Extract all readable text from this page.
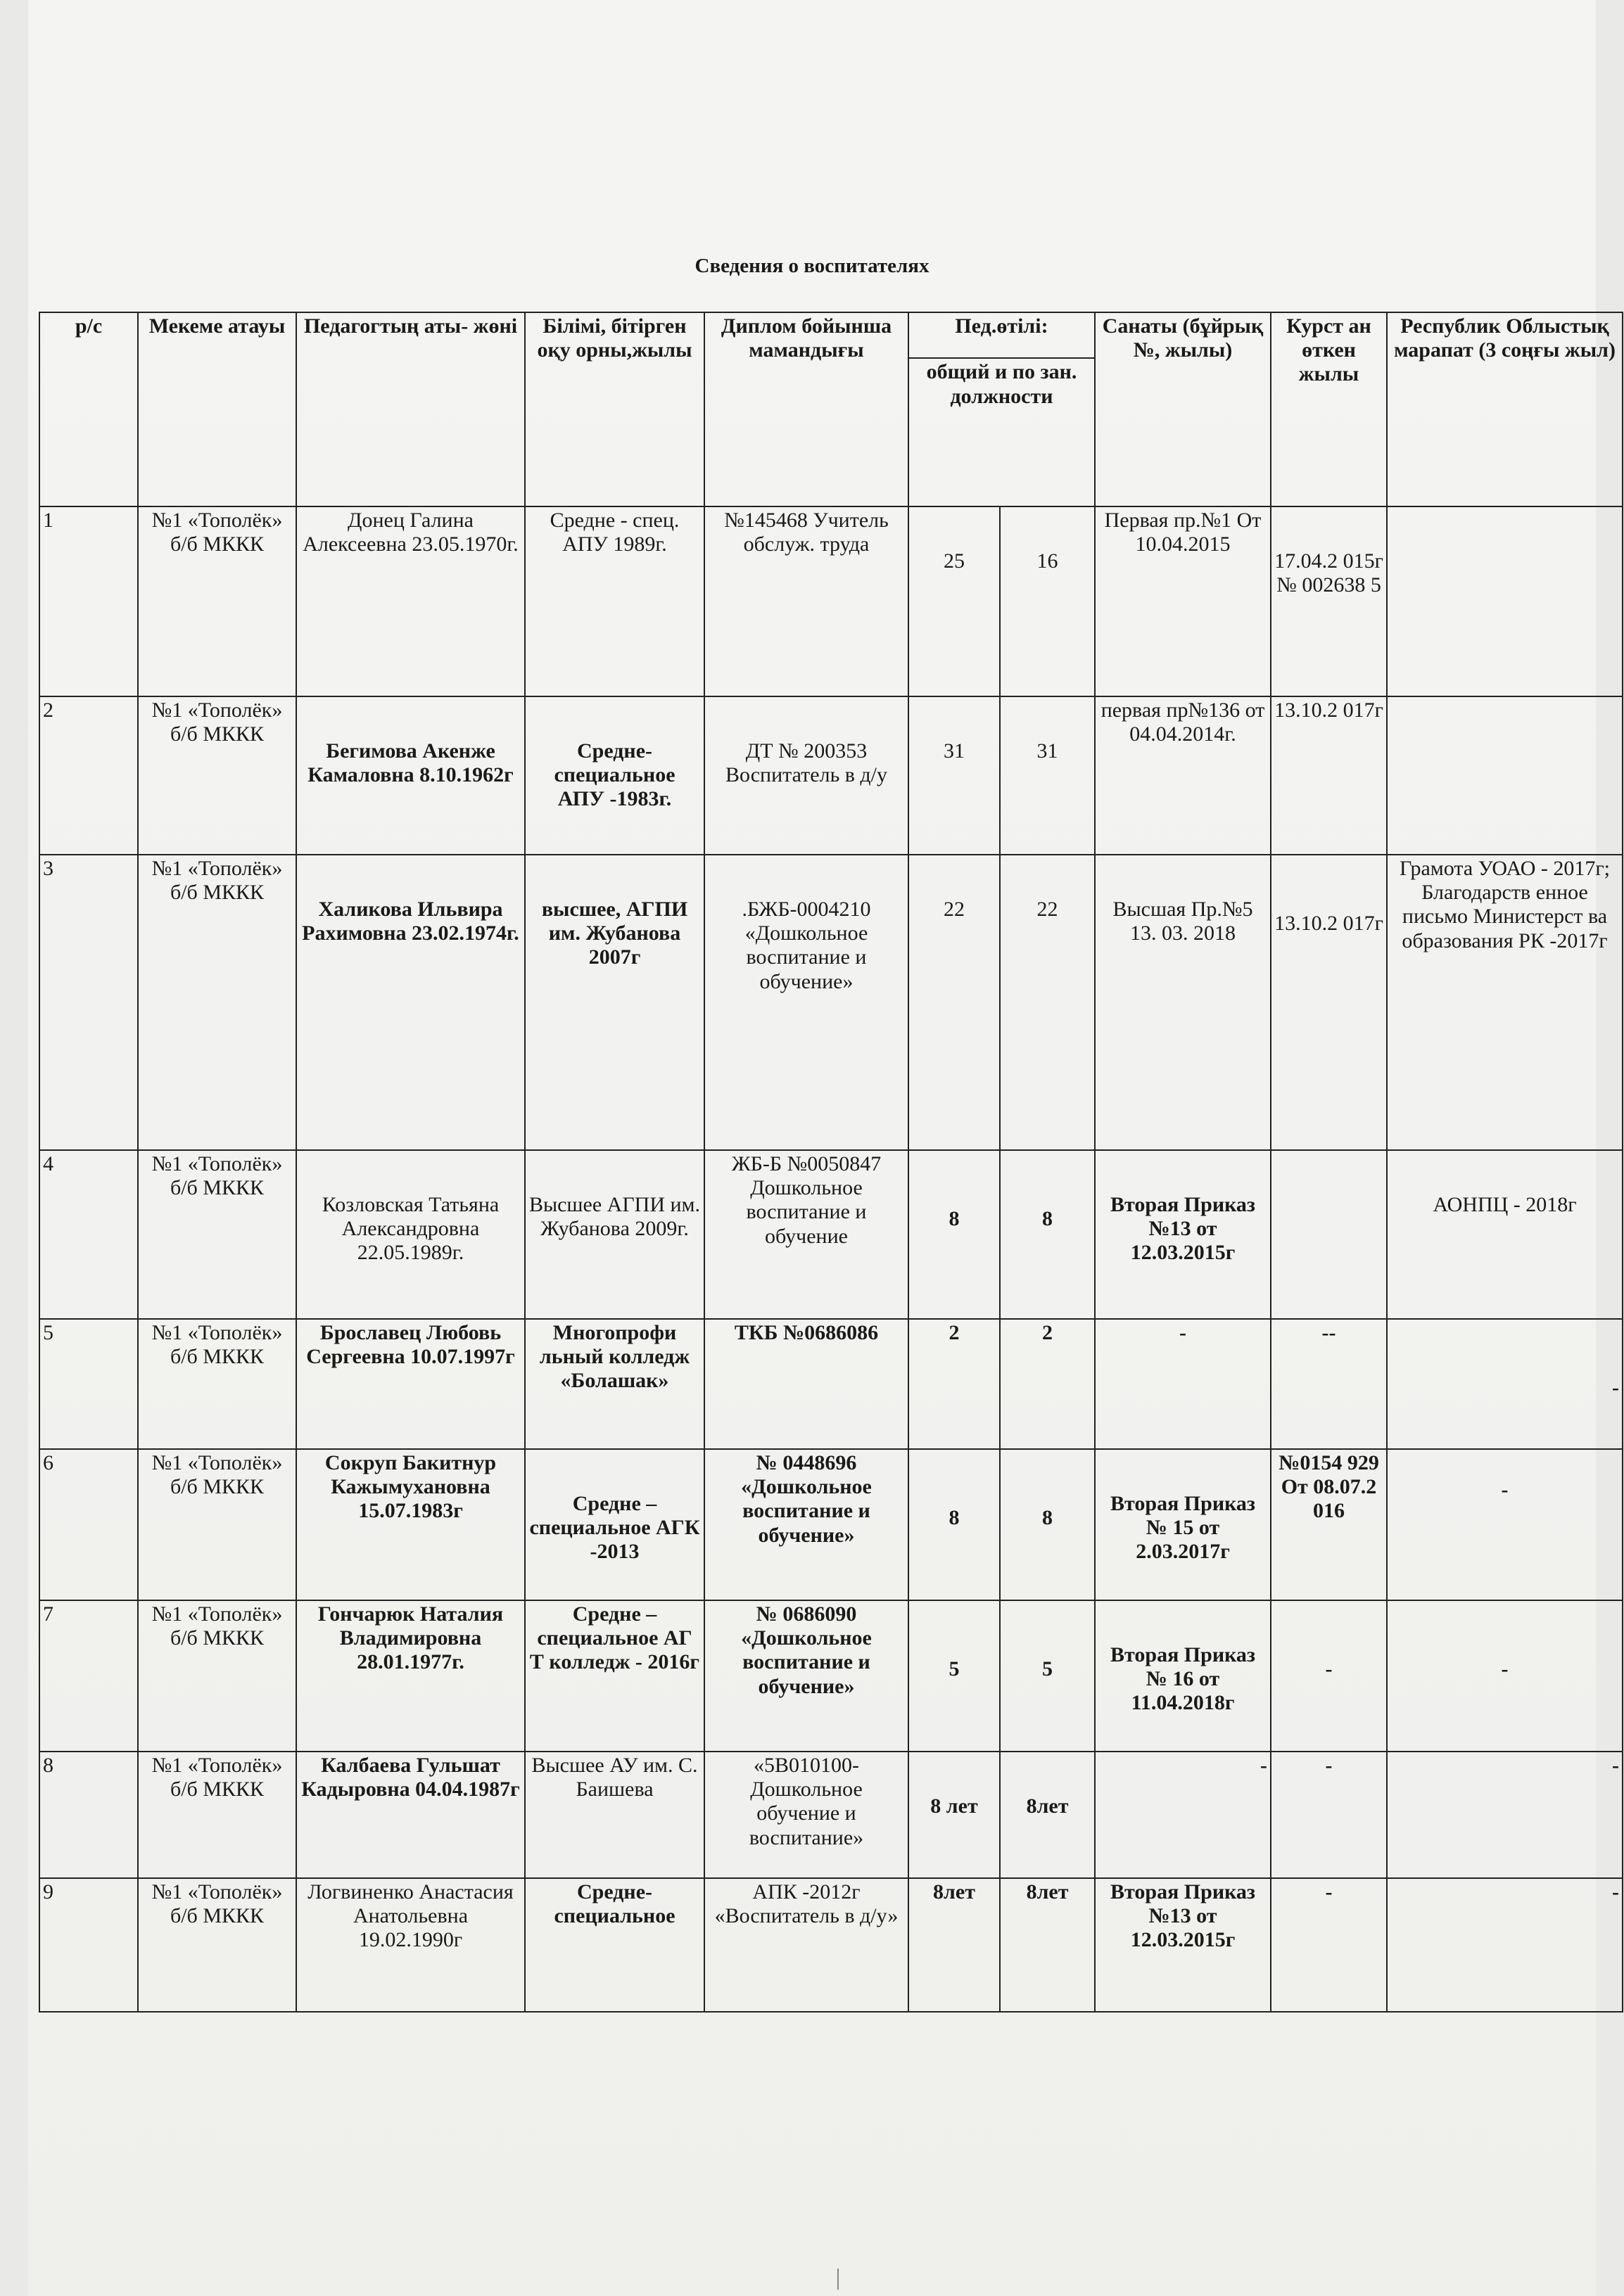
Сведения о воспитателях
р/с	Мекеме атауы	Педагогтың аты- жөні	Білімі, бітірген оқу орны,жылы	Диплом бойынша мамандығы	Пед.өтілі:		Санаты (бұйрық №, жылы)	Курст ан өткен жылы	Республик Облыстық марапат (3 соңғы жыл)
					общий и по зан. должности				
1	№1 «Тополёк» б/б МККК	Донец Галина Алексеевна 23.05.1970г.	Средне - спец. АПУ 1989г.	№145468 Учитель обслуж. труда	25	16	Первая пр.№1 От 10.04.2015	17.04.2 015г № 002638 5	
2	№1 «Тополёк» б/б МККК	Бегимова Акенже Камаловна 8.10.1962г	Средне- специальное АПУ -1983г.	ДТ № 200353 Воспитатель в д/у	31	31	первая пр№136 от 04.04.2014г.	13.10.2 017г	
3	№1 «Тополёк» б/б МККК	Халикова Ильвира Рахимовна 23.02.1974г.	высшее, АГПИ им. Жубанова 2007г	.БЖБ-0004210 «Дошкольное воспитание и обучение»	22	22	Высшая Пр.№5 13. 03. 2018	13.10.2 017г	Грамота УОАО - 2017г; Благодарств енное письмо Министерст ва образования РК -2017г
4	№1 «Тополёк» б/б МККК	Козловская Татьяна Александровна 22.05.1989г.	Высшее АГПИ им. Жубанова 2009г.	ЖБ-Б №0050847 Дошкольное воспитание и обучение	8	8	Вторая Приказ №13 от 12.03.2015г		АОНПЦ - 2018г
5	№1 «Тополёк» б/б МККК	Брославец Любовь Сергеевна 10.07.1997г	Многопрофи льный колледж «Болашак»	ТКБ №0686086	2	2	-	--	-
6	№1 «Тополёк» б/б МККК	Сокруп Бакитнур Кажымухановна 15.07.1983г	Средне – специальное АГК -2013	№ 0448696 «Дошкольное воспитание и обучение»	8	8	Вторая Приказ № 15 от 2.03.2017г	№0154 929 От 08.07.2 016	-
7	№1 «Тополёк» б/б МККК	Гончарюк Наталия Владимировна 28.01.1977г.	Средне – специальное АГ Т колледж - 2016г	№ 0686090 «Дошкольное воспитание и обучение»	5	5	Вторая Приказ № 16 от 11.04.2018г	-	-
8	№1 «Тополёк» б/б МККК	Калбаева Гульшат Кадыровна 04.04.1987г	Высшее АУ им. С. Баишева	«5В010100- Дошкольное обучение и воспитание»	8 лет	8лет	-	-	-
9	№1 «Тополёк» б/б МККК	Логвиненко Анастасия Анатольевна 19.02.1990г	Средне- специальное	АПК -2012г «Воспитатель в д/у»	8лет	8лет	Вторая Приказ №13 от 12.03.2015г	-	-
